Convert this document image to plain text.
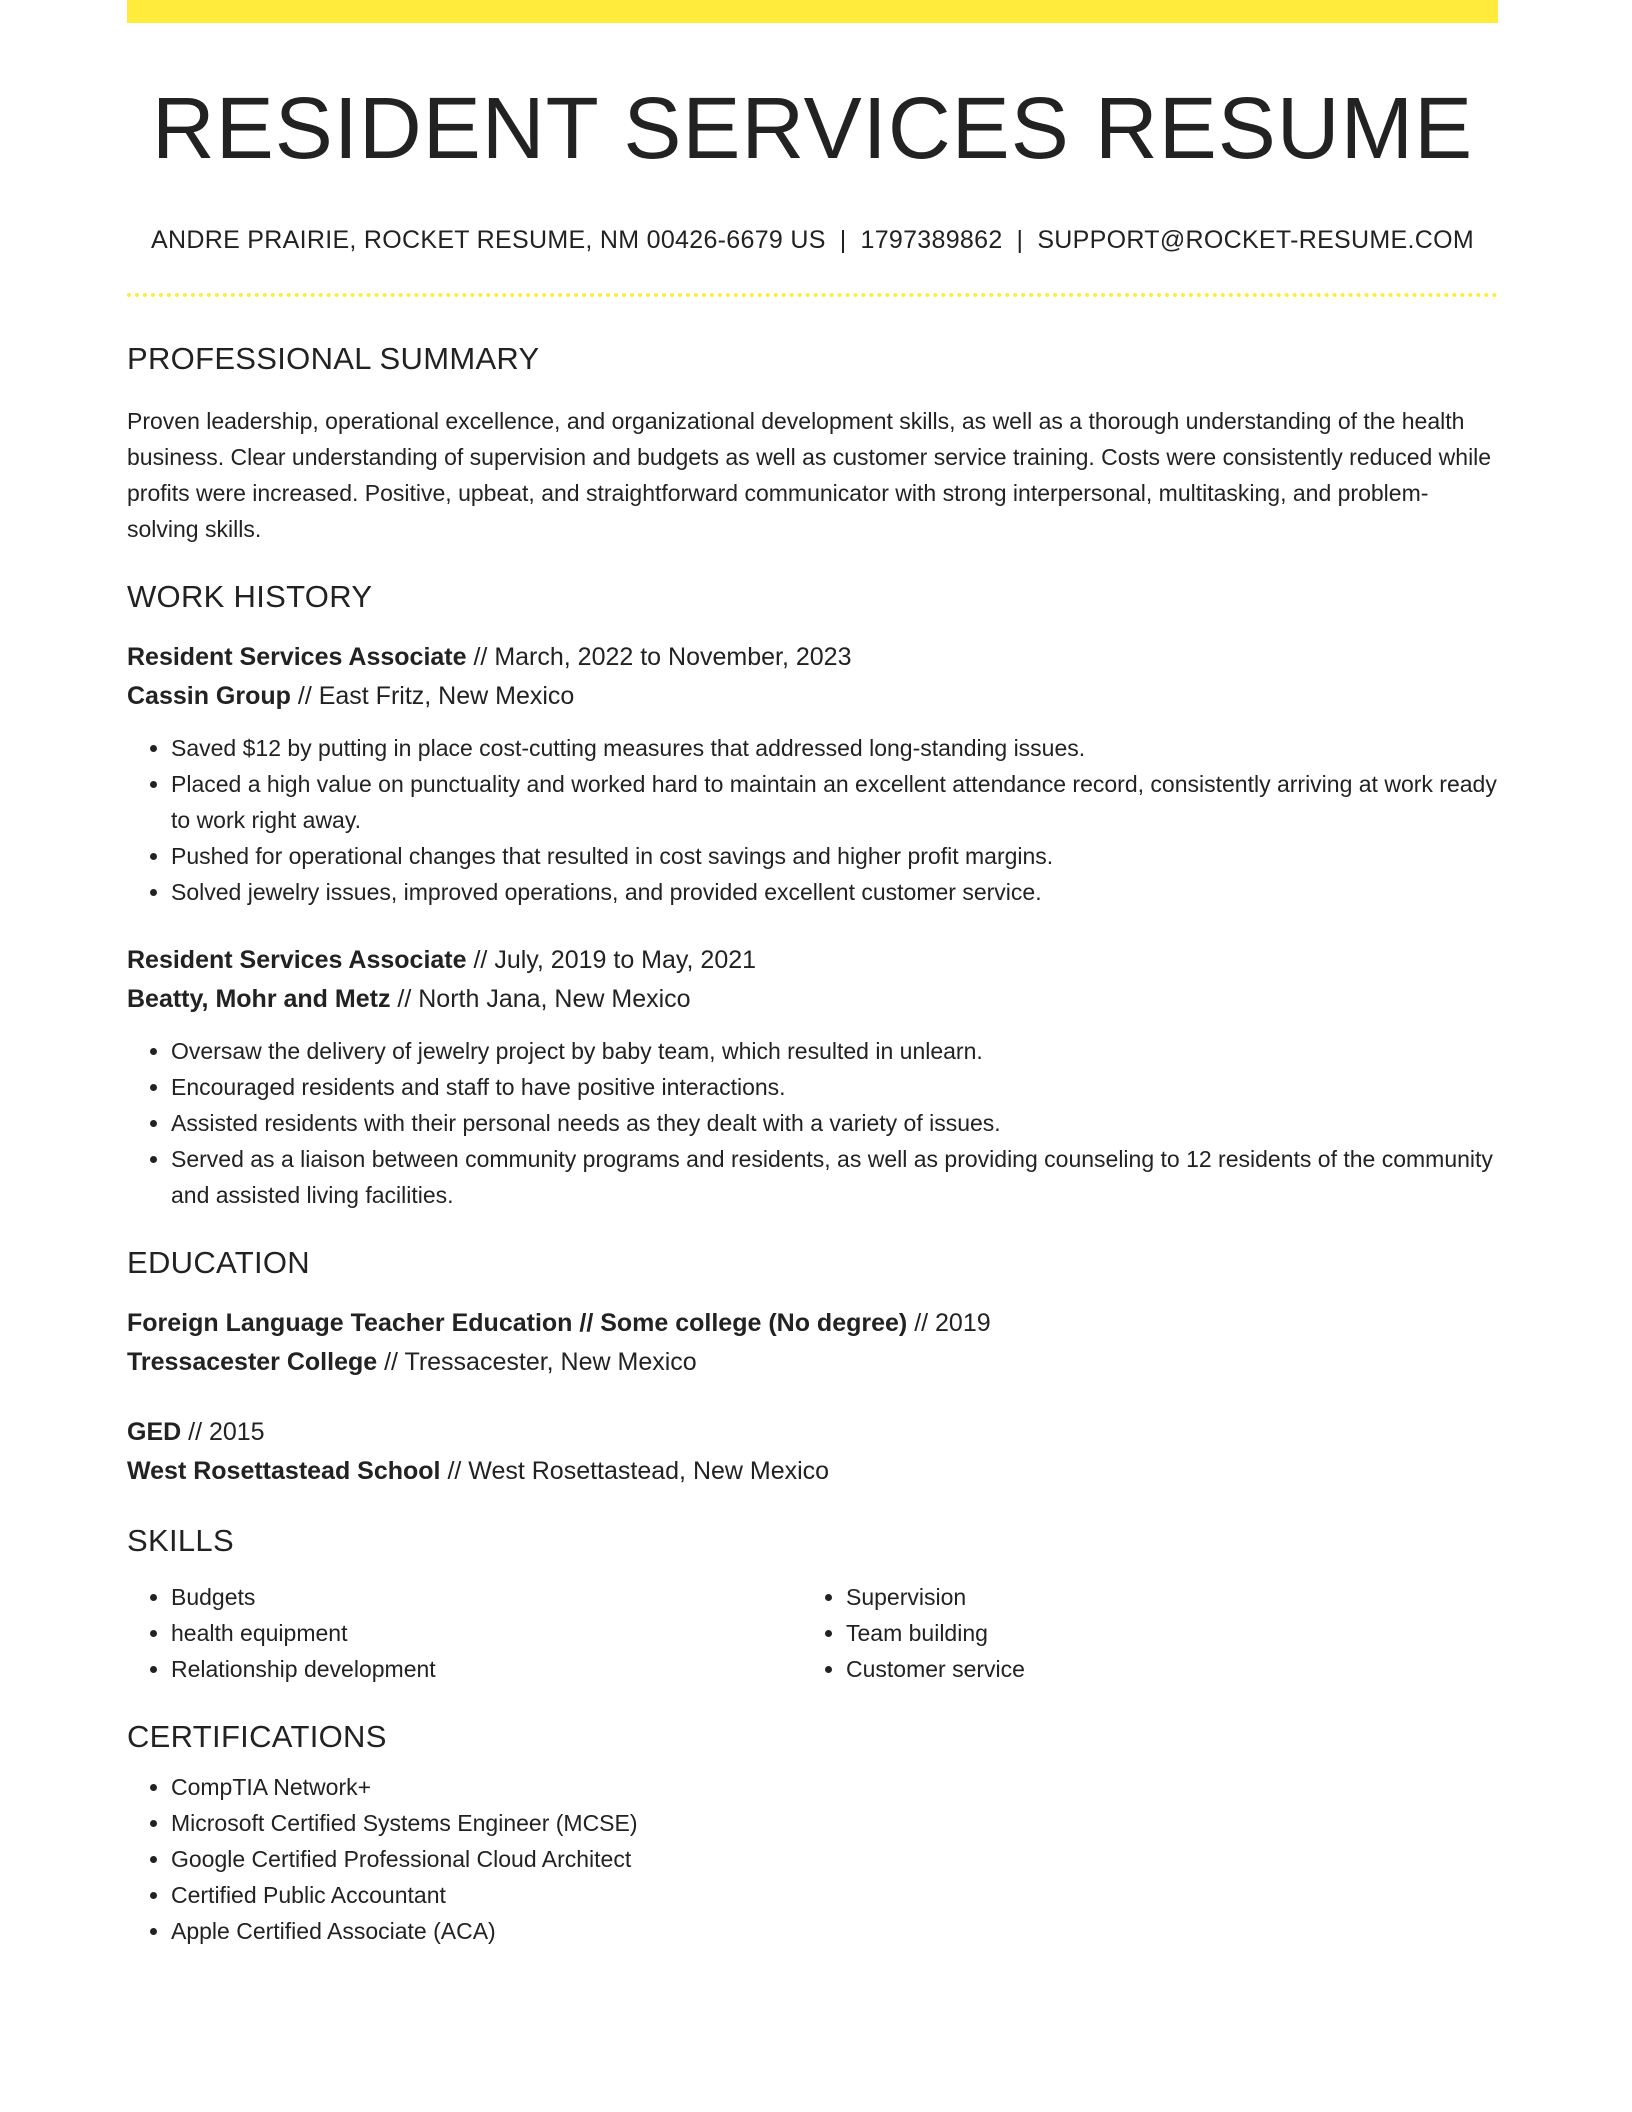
RESIDENT SERVICES RESUME
ANDRE PRAIRIE, ROCKET RESUME, NM 00426-6679 US | 1797389862 | SUPPORT@ROCKET-RESUME.COM
PROFESSIONAL SUMMARY

Proven leadership, operational excellence, and organizational development skills, as well as a thorough understanding of the health business. Clear understanding of supervision and budgets as well as customer service training. Costs were consistently reduced while profits were increased. Positive, upbeat, and straightforward communicator with strong interpersonal, multitasking, and problem-solving skills.

WORK HISTORY
Resident Services Associate // March, 2022 to November, 2023
Cassin Group // East Fritz, New Mexico
• Saved $12 by putting in place cost-cutting measures that addressed long-standing issues.
• Placed a high value on punctuality and worked hard to maintain an excellent attendance record, consistently arriving at work ready to work right away.
• Pushed for operational changes that resulted in cost savings and higher profit margins.
• Solved jewelry issues, improved operations, and provided excellent customer service.
Resident Services Associate // July, 2019 to May, 2021
Beatty, Mohr and Metz // North Jana, New Mexico
• Oversaw the delivery of jewelry project by baby team, which resulted in unlearn.
• Encouraged residents and staff to have positive interactions.
• Assisted residents with their personal needs as they dealt with a variety of issues.
• Served as a liaison between community programs and residents, as well as providing counseling to 12 residents of the community and assisted living facilities.
EDUCATION
Foreign Language Teacher Education // Some college (No degree) // 2019
Tressacester College // Tressacester, New Mexico
GED // 2015
West Rosettastead School // West Rosettastead, New Mexico
SKILLS
• Budgets
• health equipment
• Relationship development
• Supervision
• Team building
• Customer service
CERTIFICATIONS
• CompTIA Network+
• Microsoft Certified Systems Engineer (MCSE)
• Google Certified Professional Cloud Architect
• Certified Public Accountant
• Apple Certified Associate (ACA)
